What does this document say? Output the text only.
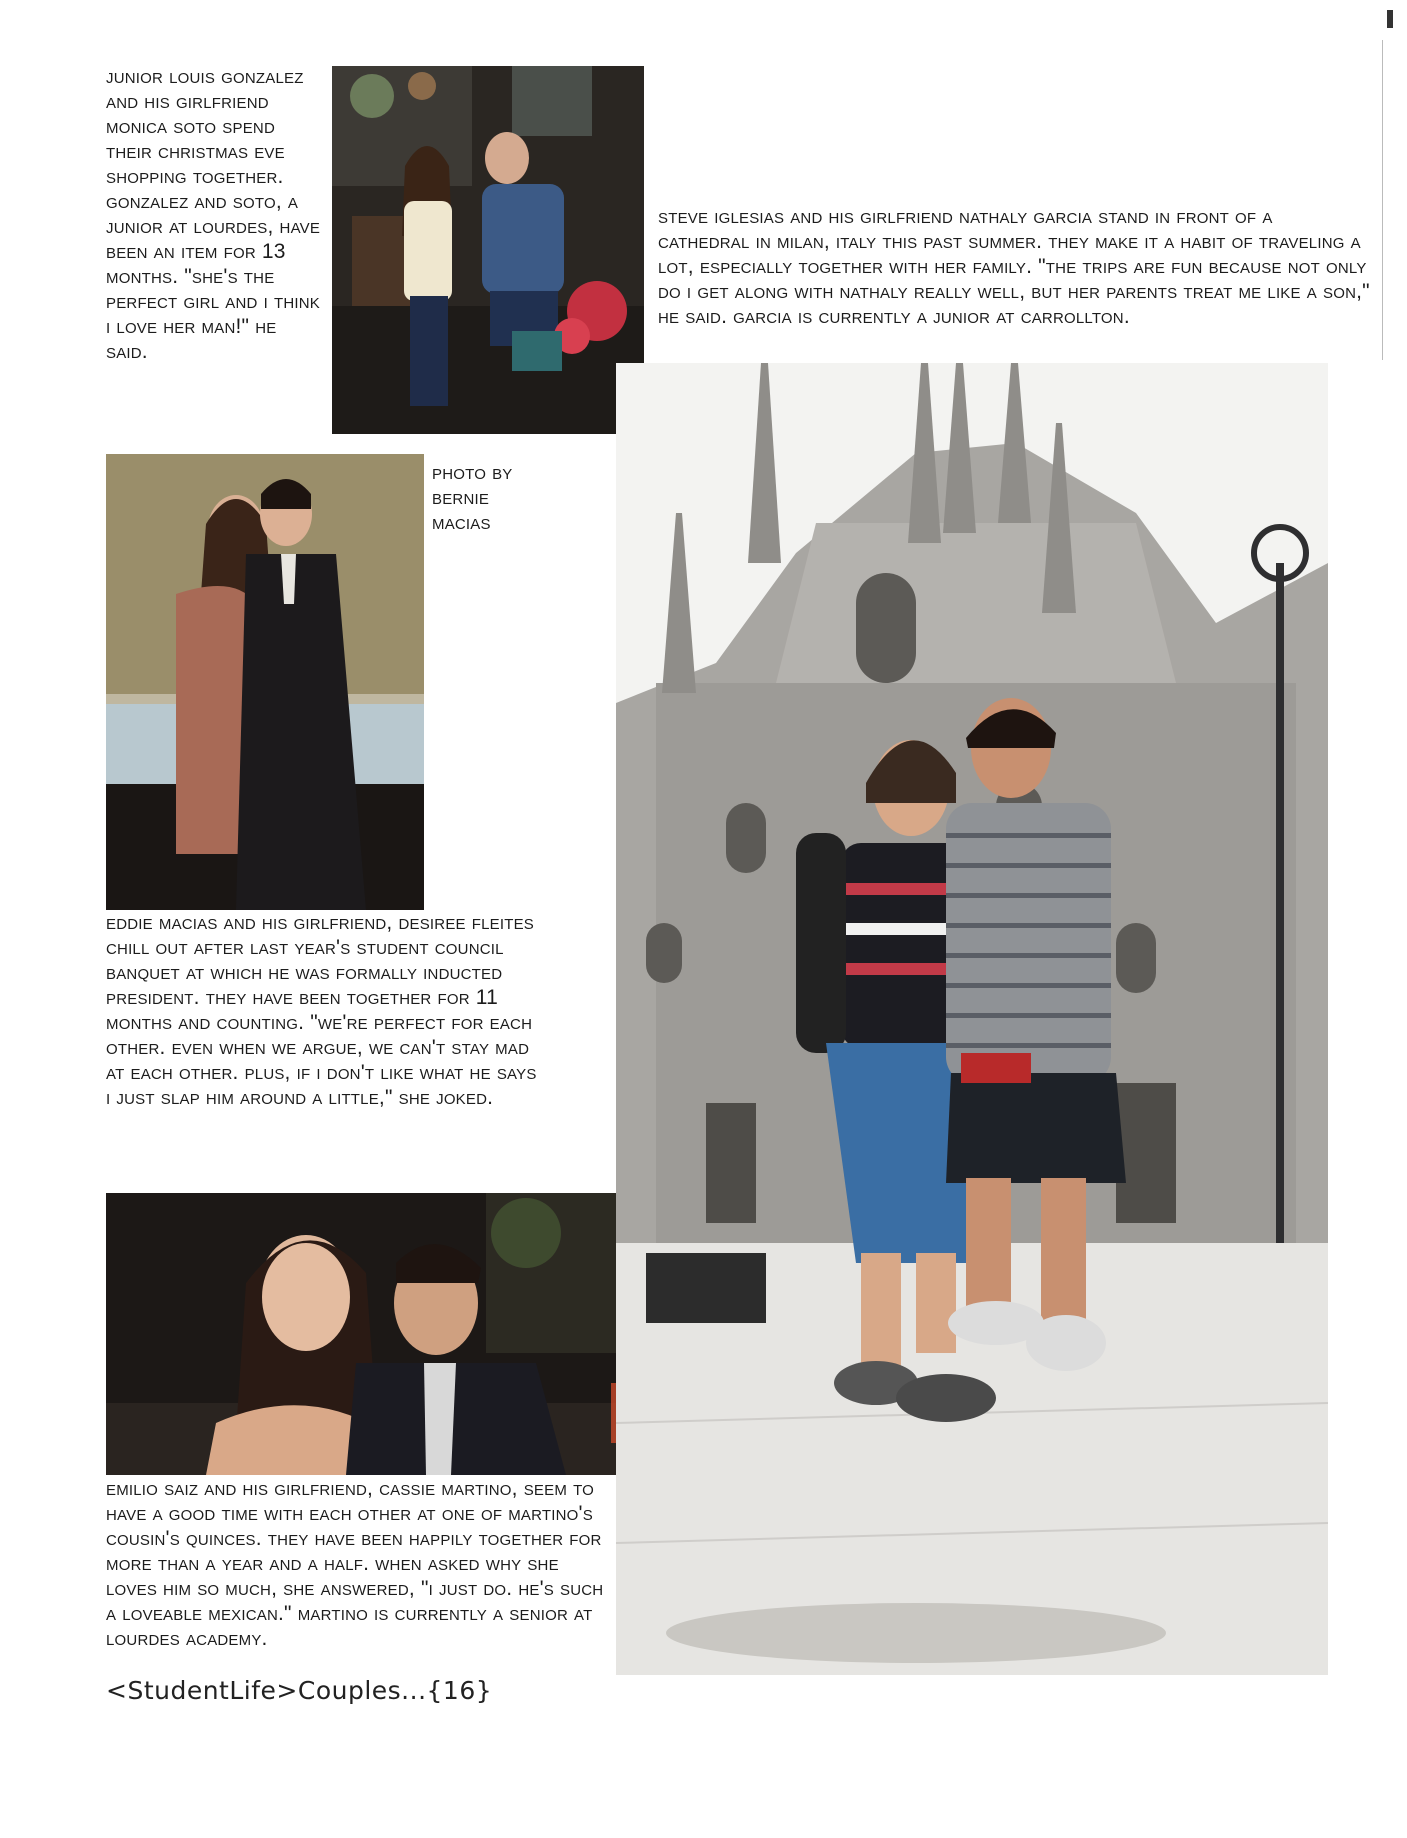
junior louis gonzalez and his girlfriend monica soto spend their christmas eve shopping together. gonzalez and soto, a junior at lourdes, have been an item for 13 months. "she's the perfect girl and i think i love her man!" he said.
steve iglesias and his girlfriend nathaly garcia stand in front of a cathedral in milan, italy this past summer. they make it a habit of traveling a lot, especially together with her family. "the trips are fun because not only do i get along with nathaly really well, but her parents treat me like a son," he said. garcia is currently a junior at carrollton.
photo by bernie macias
eddie macias and his girlfriend, desiree fleites chill out after last year's student council banquet at which he was formally inducted president. they have been together for 11 months and counting. "we're perfect for each other. even when we argue, we can't stay mad at each other. plus, if i don't like what he says i just slap him around a little," she joked.
emilio saiz and his girlfriend, cassie martino, seem to have a good time with each other at one of martino's cousin's quinces. they have been happily together for more than a year and a half. when asked why she loves him so much, she answered, "i just do. he's such a loveable mexican." martino is currently a senior at lourdes academy.
<StudentLife>Couples...{16}
